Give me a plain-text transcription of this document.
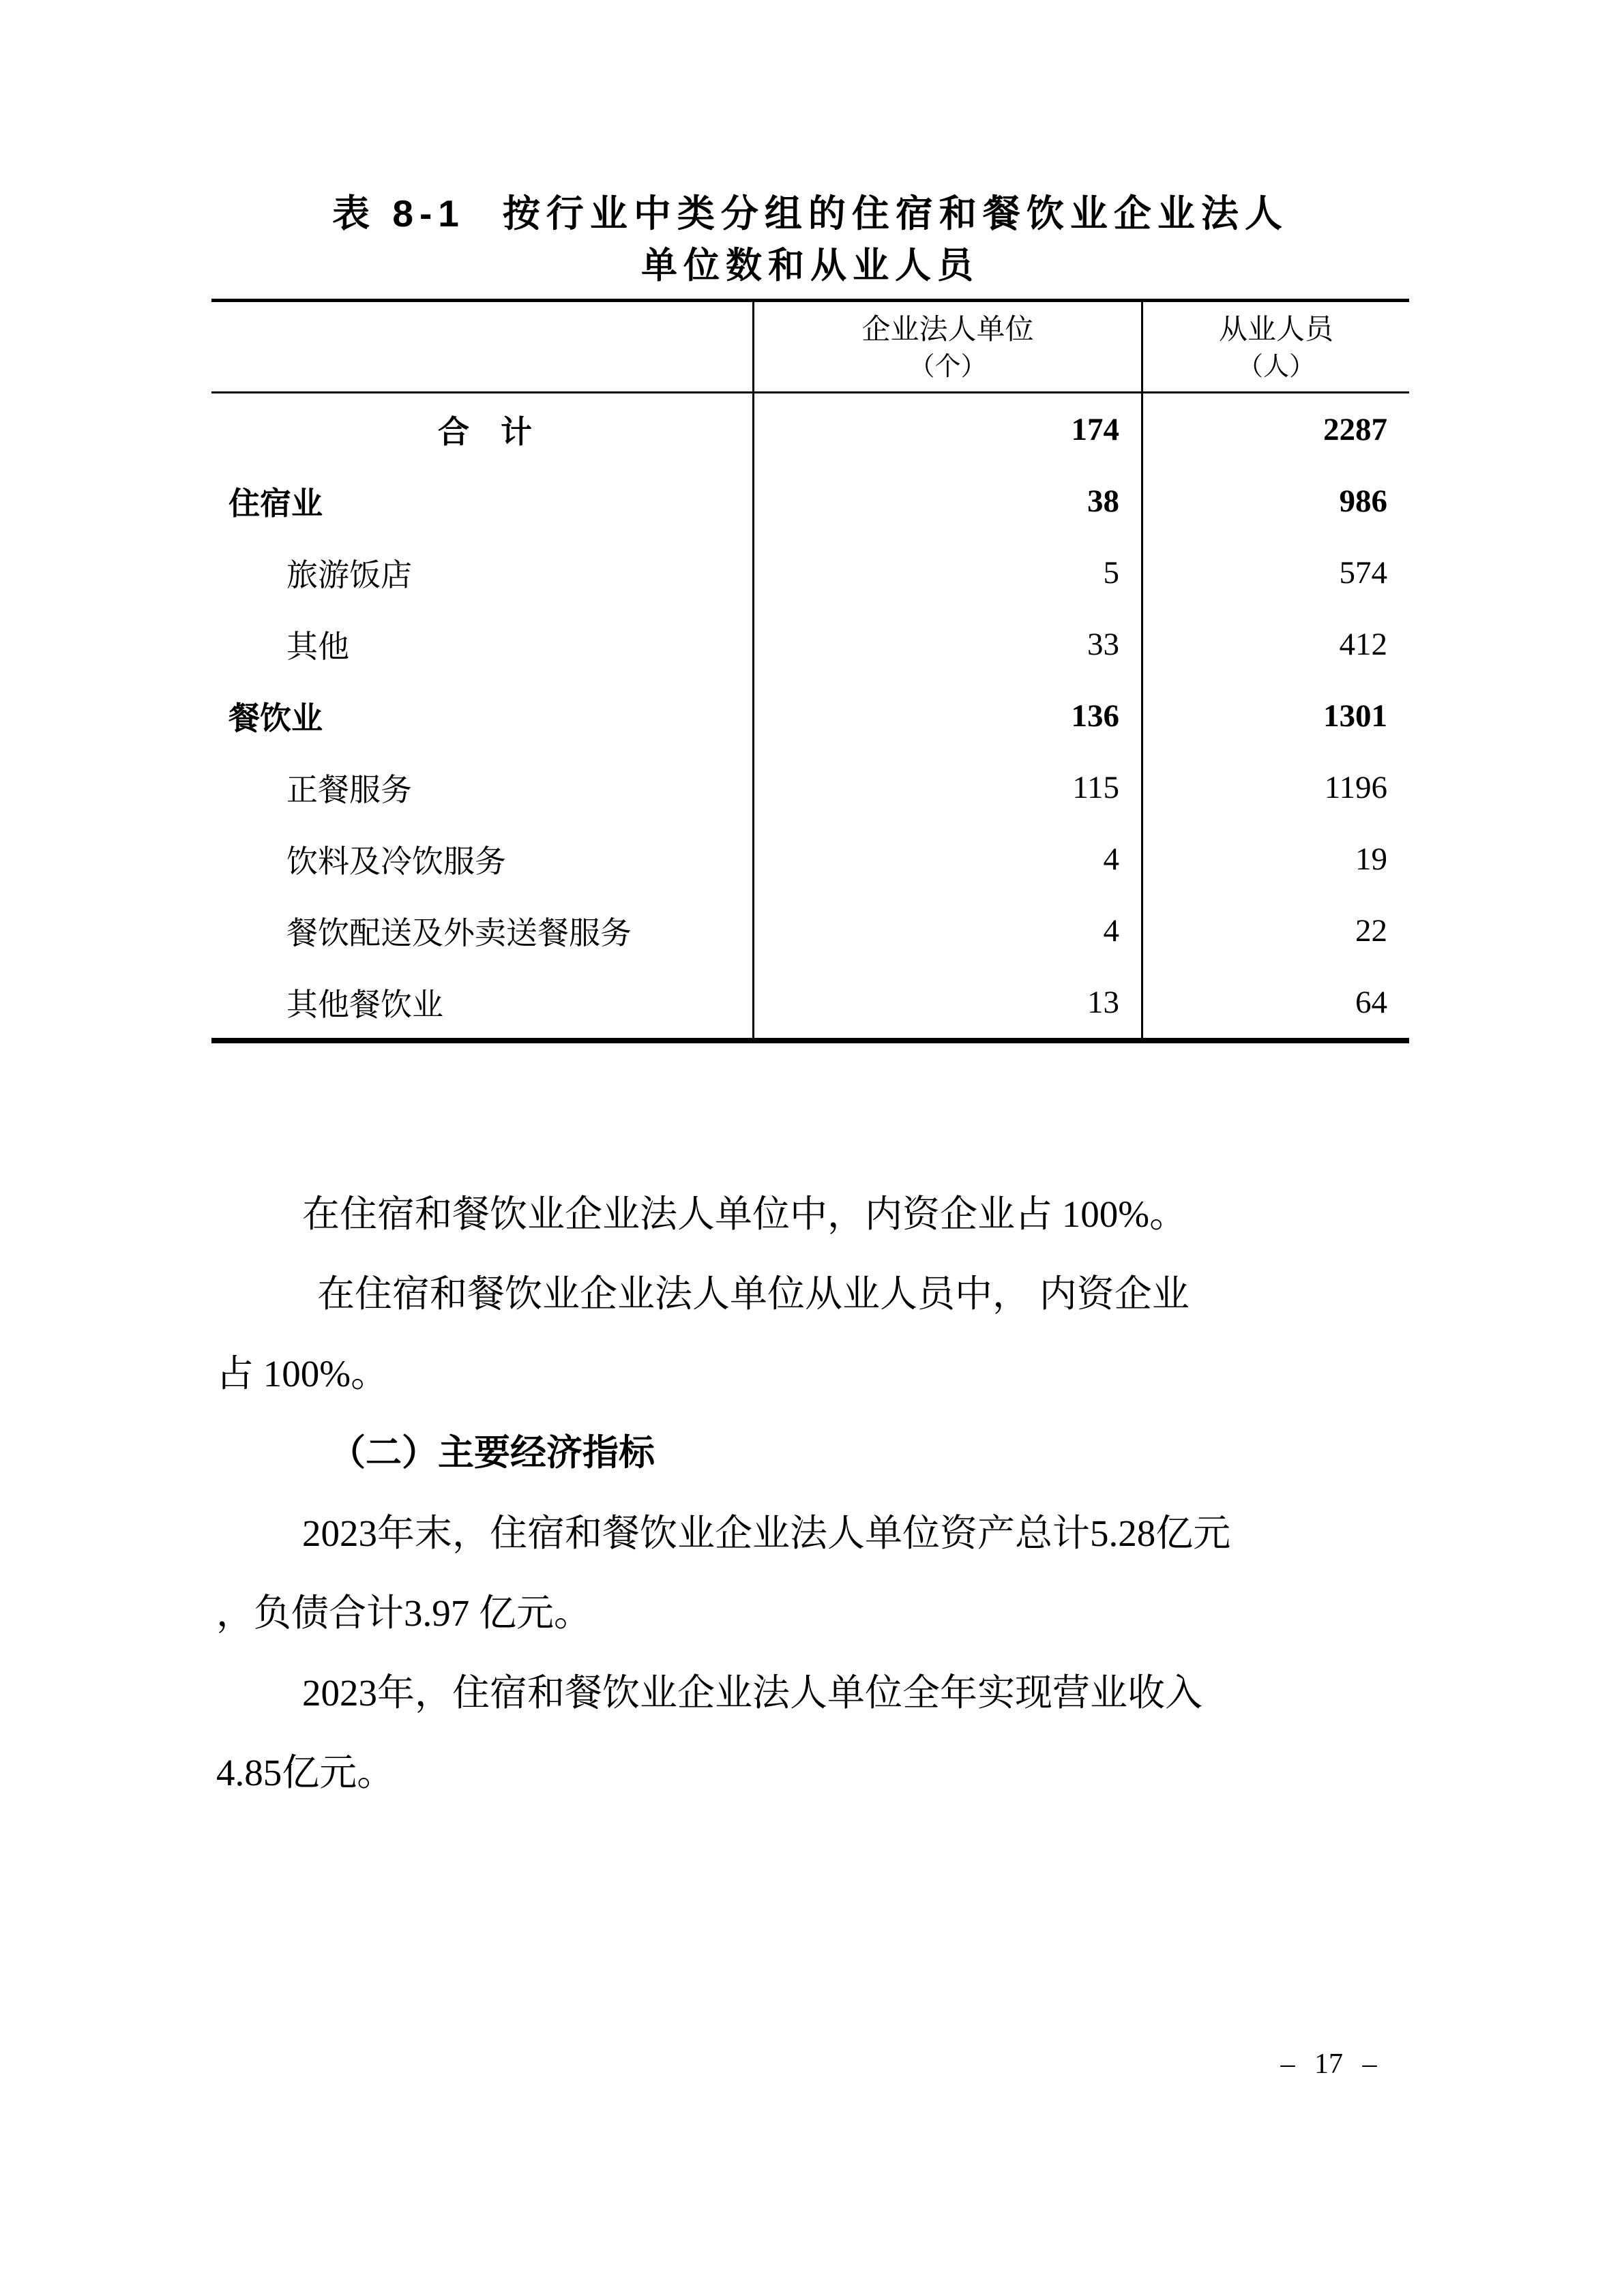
表 8-1 按行业中类分组的住宿和餐饮业企业法人
单位数和从业人员
企业法人单位
（个）
从业人员
（人）
合　计	174	2287
住宿业	38	986
旅游饭店	5	574
其他	33	412
餐饮业	136	1301
正餐服务	115	1196
饮料及冷饮服务	4	19
餐饮配送及外卖送餐服务	4	22
其他餐饮业	13	64
在住宿和餐饮业企业法人单位中，内资企业占 100%。
在住宿和餐饮业企业法人单位从业人员中， 内资企业
占 100%。
（二）主要经济指标
2023年末，住宿和餐饮业企业法人单位资产总计5.28亿元
，负债合计3.97 亿元。
2023年，住宿和餐饮业企业法人单位全年实现营业收入
4.85亿元。
– 17 –
